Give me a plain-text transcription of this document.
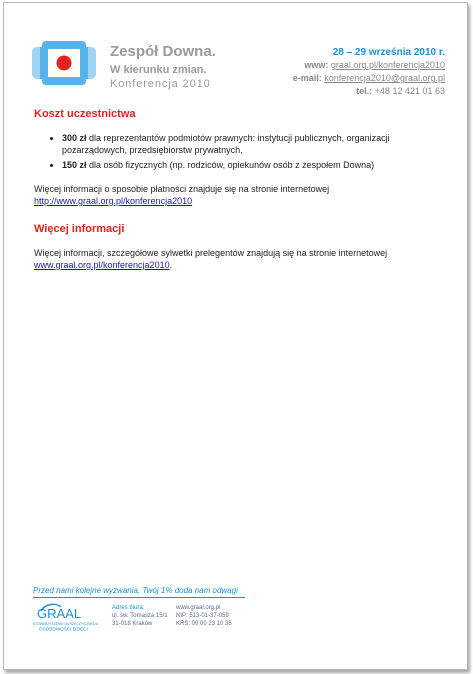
Zespół Downa.
W kierunku zmian.
Konferencja 2010
28 – 29 września 2010 r.
www: graal.org.pl/konferencja2010
e-mail: konferencja2010@graal.org.pl
tel.: +48 12 421 01 63
Koszt uczestnictwa
• 300 zł dla reprezentantów podmiotów prawnych: instytucji publicznych, organizacji pozarządowych, przedsiębiorstw prywatnych,
• 150 zł dla osób fizycznych (np. rodziców, opiekunów osób z zespołem Downa)
Więcej informacji o sposobie płatności znajduje się na stronie internetowej
http://www.graal.org.pl/konferencja2010
Więcej informacji
Więcej informacji, szczegółowe sylwetki prelegentów znajdują się na stronie internetowej
www.graal.org.pl/konferencja2010.
Przed nami kolejne wyzwania, Twój 1% doda nam odwagi
GRAAL
STOWARZYSZENIE NA RZECZ ROZWOJU
OSOBOWOŚCI DZIECI
Adres biura:
ul. św. Tomasza 15/1
31-018 Kraków
www.graal.org.pl
NIP: 513-01-37-059
KRS: 00 00 23 10 38
